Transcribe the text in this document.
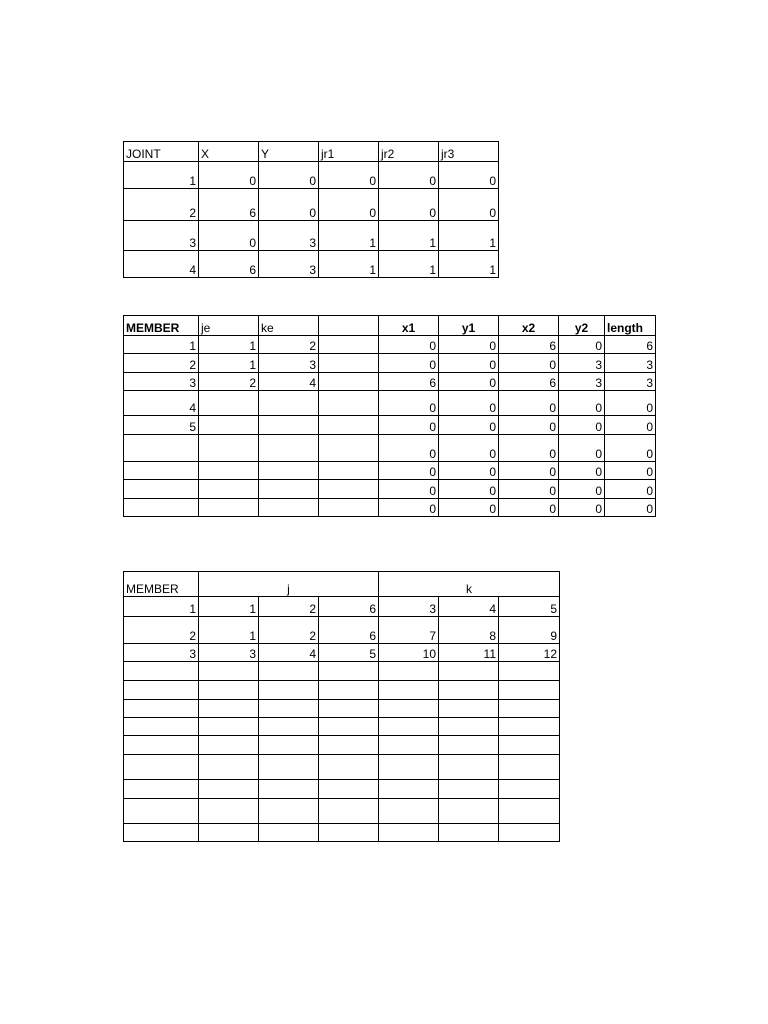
JOINT	X	Y	jr1	jr2	jr3
1	0	0	0	0	0
2	6	0	0	0	0
3	0	3	1	1	1
4	6	3	1	1	1
MEMBER	je	ke		x1	y1	x2	y2	length
1	1	2		0	0	6	0	6
2	1	3		0	0	0	3	3
3	2	4		6	0	6	3	3
4				0	0	0	0	0
5				0	0	0	0	0
				0	0	0	0	0
				0	0	0	0	0
				0	0	0	0	0
				0	0	0	0	0
MEMBER	j			k		
1	1	2	6	3	4	5
2	1	2	6	7	8	9
3	3	4	5	10	11	12
